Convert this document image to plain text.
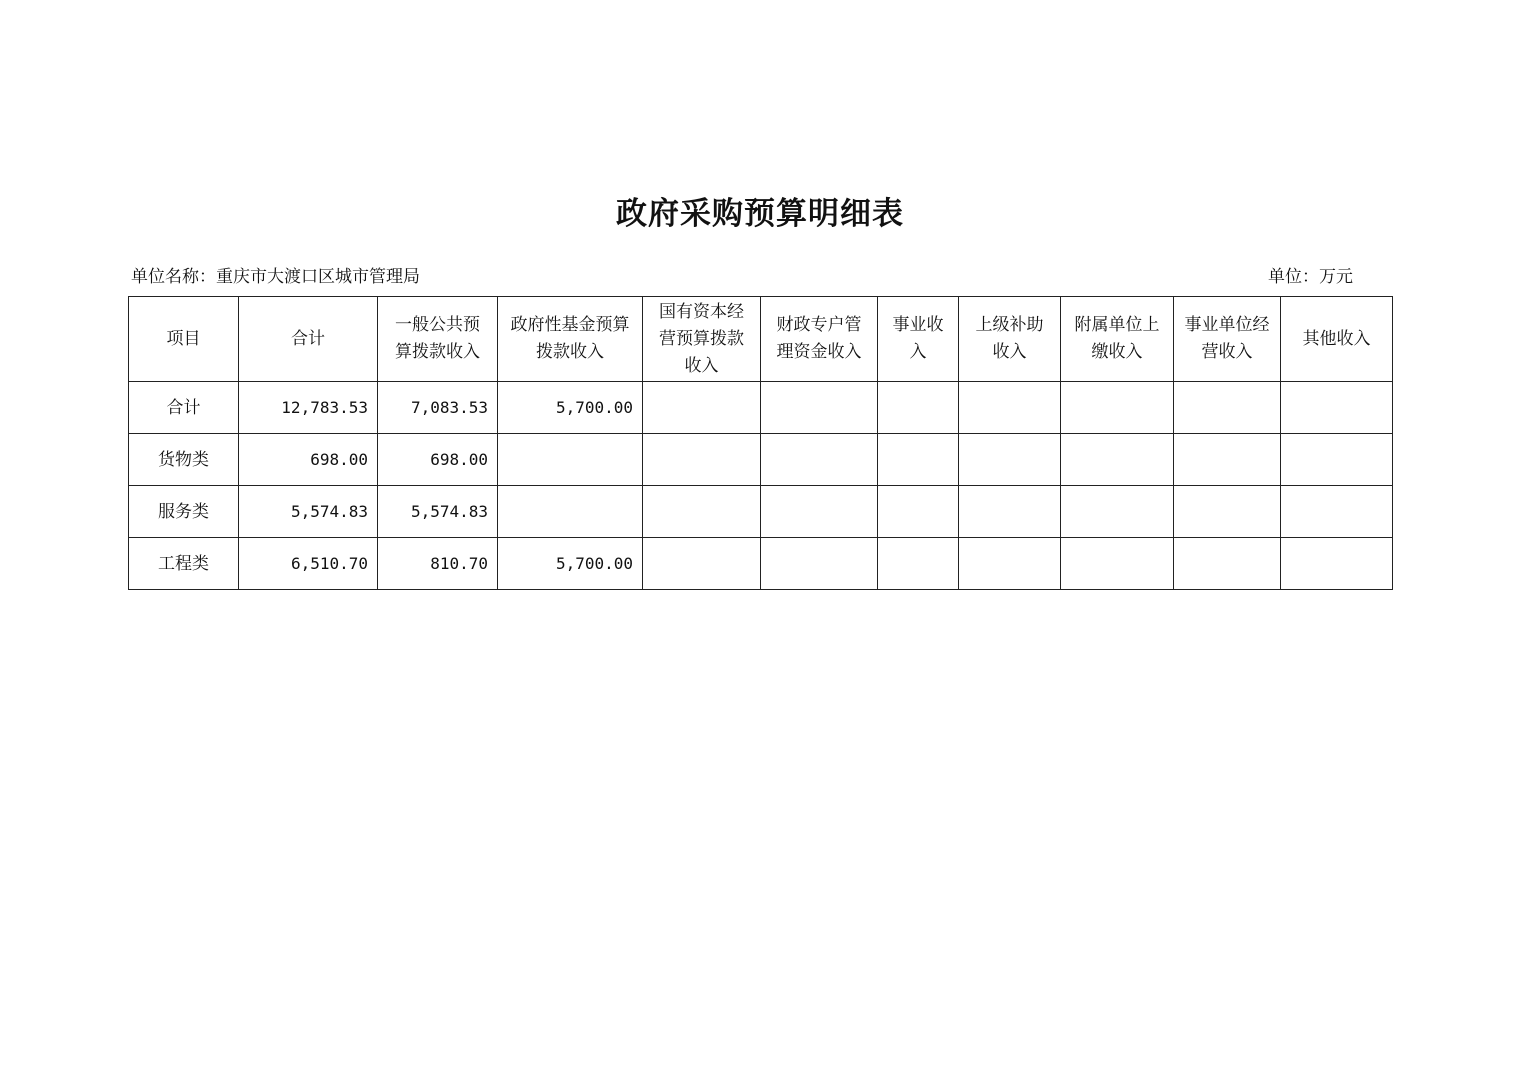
政府采购预算明细表
单位名称：重庆市大渡口区城市管理局	单位：万元
项目	合计	一般公共预算拨款收入	政府性基金预算拨款收入	国有资本经营预算拨款收入	财政专户管理资金收入	事业收入	上级补助收入	附属单位上缴收入	事业单位经营收入	其他收入
合计	12,783.53	7,083.53	5,700.00							
货物类	698.00	698.00								
服务类	5,574.83	5,574.83								
工程类	6,510.70	810.70	5,700.00							
